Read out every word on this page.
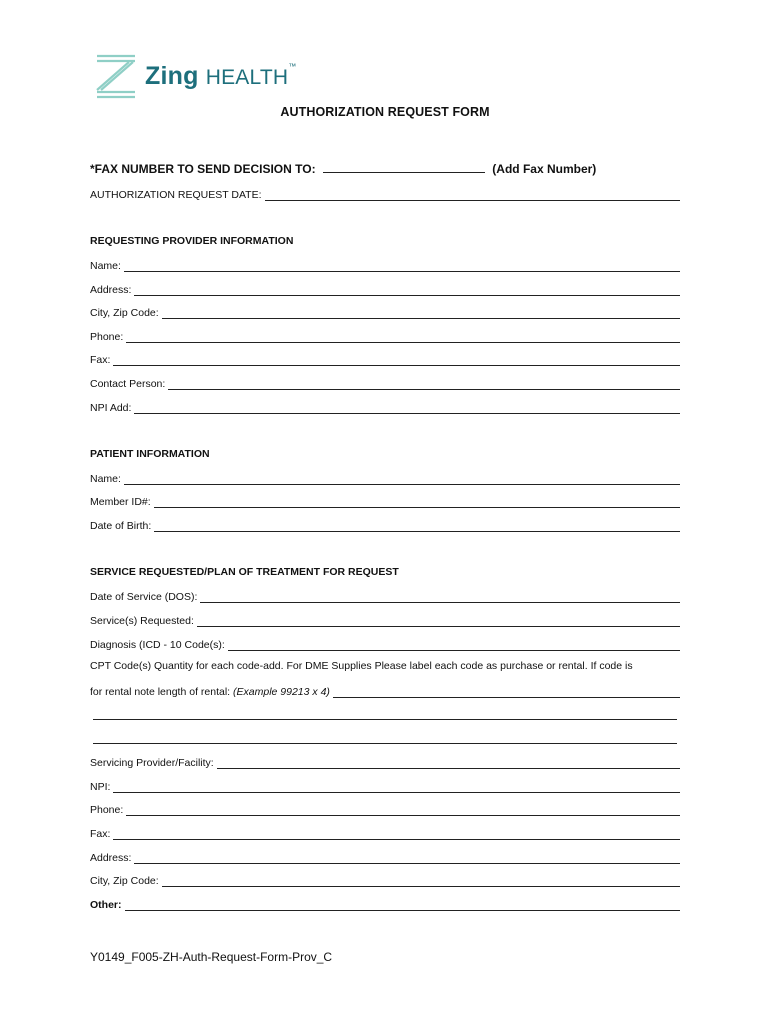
Zing HEALTH™
AUTHORIZATION REQUEST FORM
*FAX NUMBER TO SEND DECISION TO:	(Add Fax Number)
AUTHORIZATION REQUEST DATE:
REQUESTING PROVIDER INFORMATION
Name:
Address:
City, Zip Code:
Phone:
Fax:
Contact Person:
NPI Add:
PATIENT INFORMATION
Name:
Member ID#:
Date of Birth:
SERVICE REQUESTED/PLAN OF TREATMENT FOR REQUEST
Date of Service (DOS):
Service(s) Requested:
Diagnosis (ICD - 10 Code(s):
CPT Code(s) Quantity for each code-add. For DME Supplies Please label each code as purchase or rental. If code is
for rental note length of rental: (Example 99213 x 4)
Servicing Provider/Facility:
NPI:
Phone:
Fax:
Address:
City, Zip Code:
Other:
Y0149_F005-ZH-Auth-Request-Form-Prov_C
